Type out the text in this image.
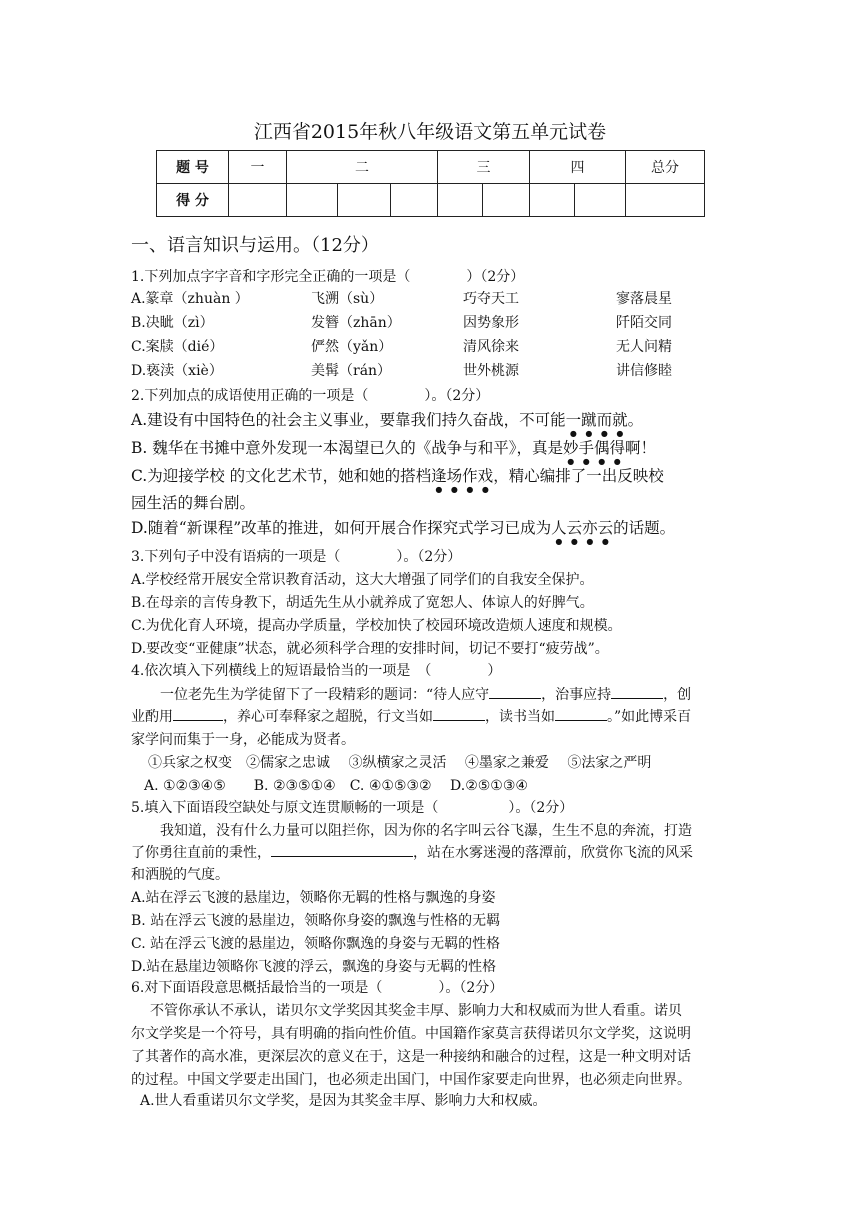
江西省2015年秋八年级语文第五单元试卷
题 号	一	二			三		四		总分
得 分									
一、语言知识与运用。（12分）
1.下列加点字字音和字形完全正确的一项是（　　　　）（2分）
A.篆章（zhuàn ）	飞溯（sù）	巧夺天工	寥落晨星
B.决眦（zì）	发簪（zhān）	因势象形	阡陌交同
C.案牍（dié）	俨然（yǎn）	清风徐来	无人问精
D.亵渎（xiè）	美髯（rán）	世外桃源	讲信修睦
2.下列加点的成语使用正确的一项是（　　　　）。（2分）
A.建设有中国特色的社会主义事业，要靠我们持久奋战，不可能一蹴而就。
B. 魏华在书摊中意外发现一本渴望已久的《战争与和平》，真是妙手偶得啊！
C.为迎接学校 的文化艺术节，她和她的搭档逢场作戏，精心编排了一出反映校
园生活的舞台剧。
D.随着“新课程”改革的推进，如何开展合作探究式学习已成为人云亦云的话题。
3.下列句子中没有语病的一项是（　　　　）。（2分）
A.学校经常开展安全常识教育活动，这大大增强了同学们的自我安全保护。
B.在母亲的言传身教下，胡适先生从小就养成了宽恕人、体谅人的好脾气。
C.为优化育人环境，提高办学质量，学校加快了校园环境改造烦人速度和规模。
D.要改变“亚健康”状态，就必须科学合理的安排时间，切记不要打“疲劳战”。
4.依次填入下列横线上的短语最恰当的一项是　（　　　　）
一位老先生为学徒留下了一段精彩的题词：“待人应守	，治事应持	，创
业酌用	，养心可奉释家之超脱，行文当如	，读书当如	。”如此博采百
家学问而集于一身，必能成为贤者。
①兵家之权变　②儒家之忠诚　 ③纵横家之灵活　 ④墨家之兼爱　 ⑤法家之严明
A. ①②③④⑤　　B. ②③⑤①④　C. ④①⑤③②　 D.②⑤①③④
5.填入下面语段空缺处与原文连贯顺畅的一项是（　　　　　）。（2分）
我知道，没有什么力量可以阻拦你，因为你的名字叫云谷飞瀑，生生不息的奔流，打造
了你勇往直前的秉性，	，站在水雾迷漫的落潭前，欣赏你飞流的风采
和洒脱的气度。
A.站在浮云飞渡的悬崖边，领略你无羁的性格与飘逸的身姿
B. 站在浮云飞渡的悬崖边，领略你身姿的飘逸与性格的无羁
C. 站在浮云飞渡的悬崖边，领略你飘逸的身姿与无羁的性格
D.站在悬崖边领略你飞渡的浮云，飘逸的身姿与无羁的性格
6.对下面语段意思概括最恰当的一项是（　　　　）。（2分）
不管你承认不承认，诺贝尔文学奖因其奖金丰厚、影响力大和权威而为世人看重。诺贝
尔文学奖是一个符号，具有明确的指向性价值。中国籍作家莫言获得诺贝尔文学奖，这说明
了其著作的高水准，更深层次的意义在于，这是一种接纳和融合的过程，这是一种文明对话
的过程。中国文学要走出国门，也必须走出国门，中国作家要走向世界，也必须走向世界。
A.世人看重诺贝尔文学奖，是因为其奖金丰厚、影响力大和权威。
